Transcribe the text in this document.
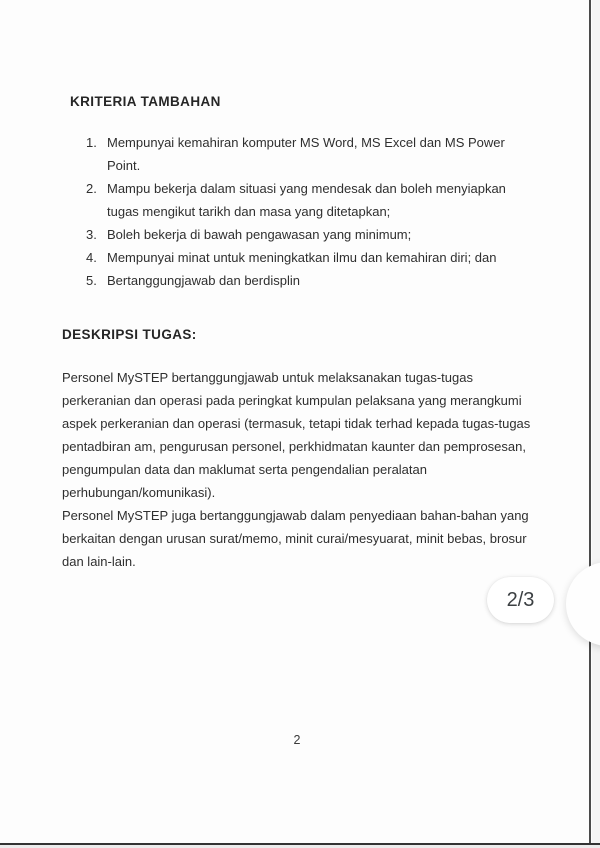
KRITERIA TAMBAHAN
1. Mempunyai kemahiran komputer MS Word, MS Excel dan MS Power Point.
2. Mampu bekerja dalam situasi yang mendesak dan boleh menyiapkan tugas mengikut tarikh dan masa yang ditetapkan;
3. Boleh bekerja di bawah pengawasan yang minimum;
4. Mempunyai minat untuk meningkatkan ilmu dan kemahiran diri; dan
5. Bertanggungjawab dan berdisplin
DESKRIPSI TUGAS:

Personel MySTEP bertanggungjawab untuk melaksanakan tugas-tugas perkeranian dan operasi pada peringkat kumpulan pelaksana yang merangkumi aspek perkeranian dan operasi (termasuk, tetapi tidak terhad kepada tugas-tugas pentadbiran am, pengurusan personel, perkhidmatan kaunter dan pemprosesan, pengumpulan data dan maklumat serta pengendalian peralatan perhubungan/komunikasi).

Personel MySTEP juga bertanggungjawab dalam penyediaan bahan-bahan yang berkaitan dengan urusan surat/memo, minit curai/mesyuarat, minit bebas, brosur dan lain-lain.

2
2/3
